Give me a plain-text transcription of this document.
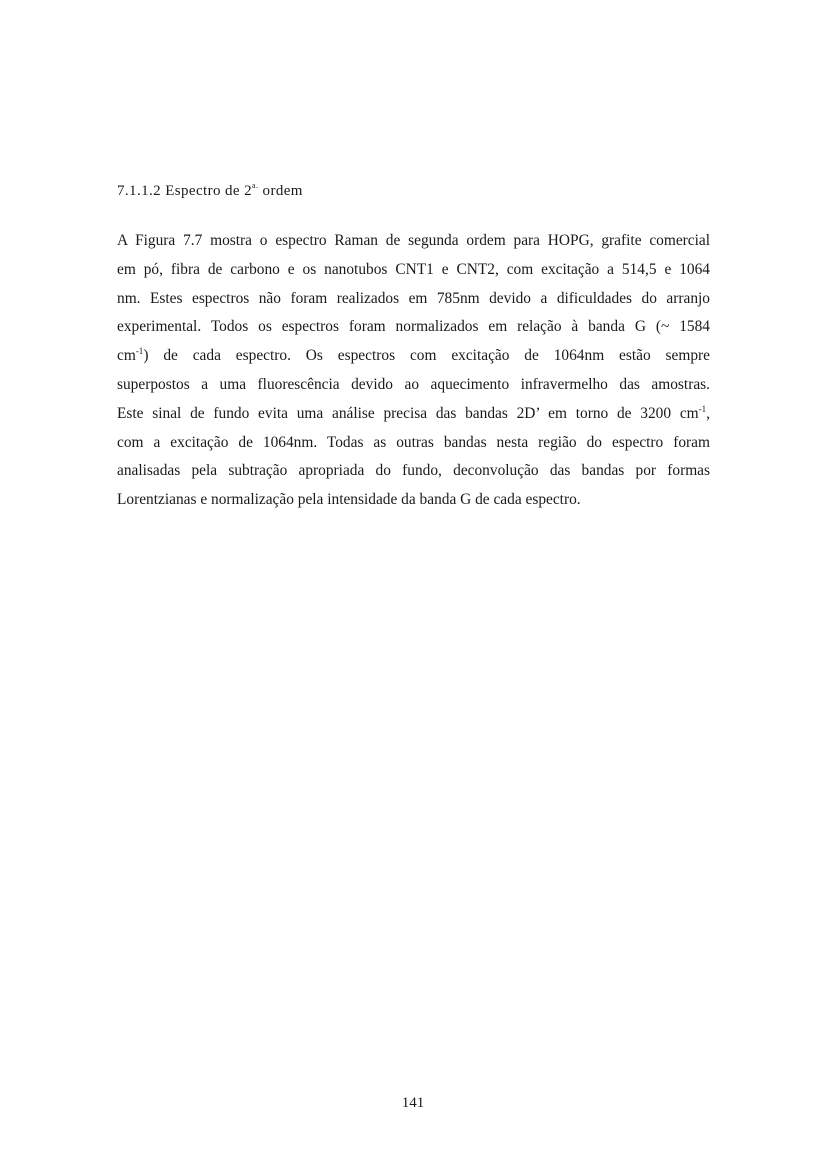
7.1.1.2 Espectro de $2^{a.}$ ordem
A Figura 7.7 mostra o espectro Raman de segunda ordem para HOPG, grafite comercial
em pó, fibra de carbono e os nanotubos CNT1 e CNT2, com excitação a 514,5 e 1064
nm. Estes espectros não foram realizados em 785nm devido a dificuldades do arranjo
experimental. Todos os espectros foram normalizados em relação à banda G (~ 1584
$cm^{-1}$) de cada espectro. Os espectros com excitação de 1064nm estão sempre
superpostos a uma fluorescência devido ao aquecimento infravermelho das amostras.
Este sinal de fundo evita uma análise precisa das bandas 2D’ em torno de 3200 $cm^{-1}$,
com a excitação de 1064nm. Todas as outras bandas nesta região do espectro foram
analisadas pela subtração apropriada do fundo, deconvolução das bandas por formas
Lorentzianas e normalização pela intensidade da banda G de cada espectro.
141
